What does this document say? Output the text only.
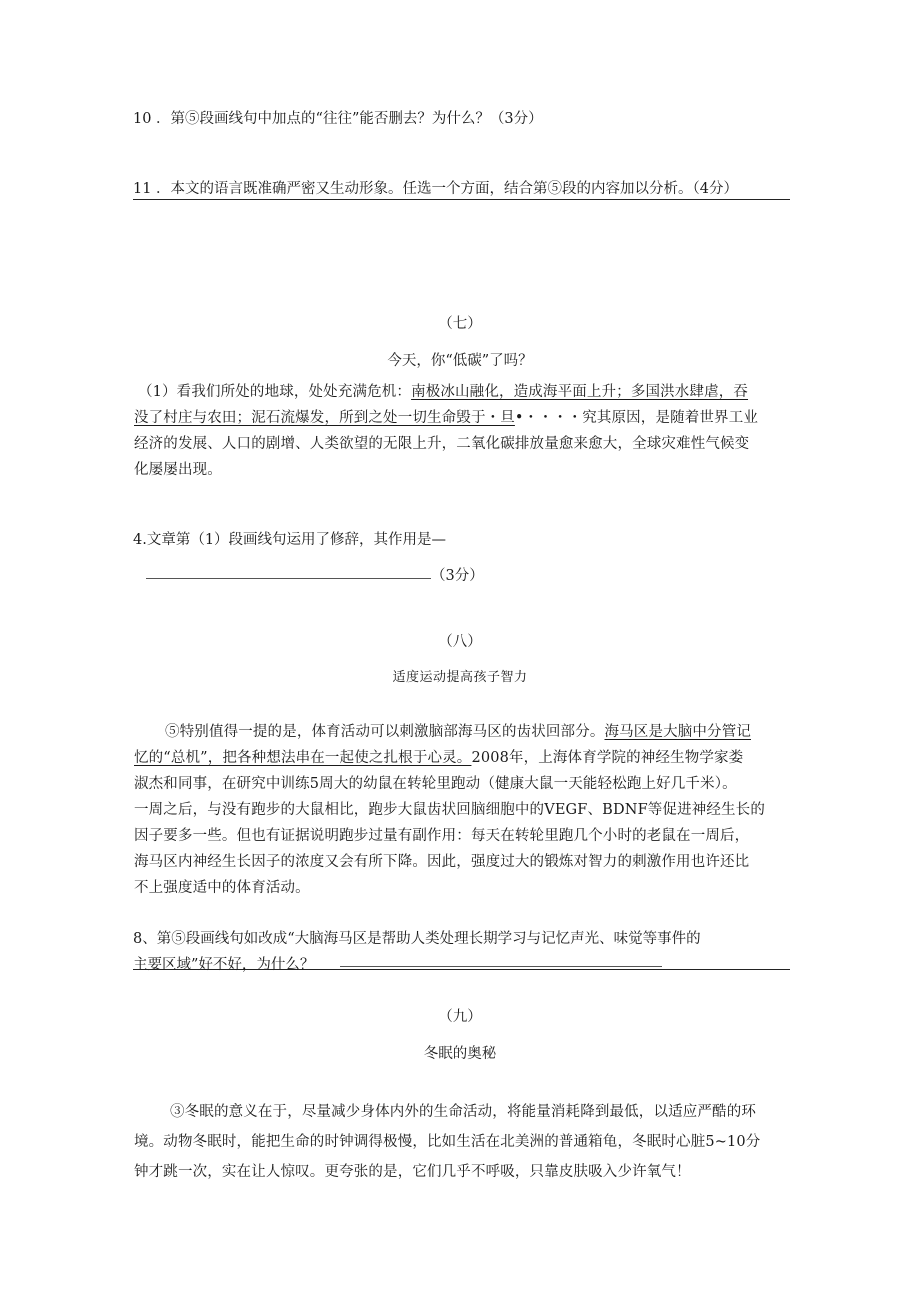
10 ．第⑤段画线句中加点的“往往”能否删去？为什么？（3分）
11 ．本文的语言既准确严密又生动形象。任选一个方面，结合第⑤段的内容加以分析。（4分）
（七）
今天，你“低碳”了吗？
（1）看我们所处的地球，处处充满危机：南极冰山融化，造成海平面上升；多国洪水肆虐，吞
没了村庄与农田；泥石流爆发，所到之处一切生命毁于・旦•・・・・究其原因，是随着世界工业
经济的发展、人口的剧增、人类欲望的无限上升，二氧化碳排放量愈来愈大，全球灾难性气候变
化屡屡出现。
4.文章第（1）段画线句运用了修辞，其作用是—
（3分）
（八）
适度运动提高孩子智力
⑤特别值得一提的是，体育活动可以刺激脑部海马区的齿状回部分。海马区是大脑中分管记
忆的“总机”，把各种想法串在一起使之扎根于心灵。2008年，上海体育学院的神经生物学家娄
淑杰和同事，在研究中训练5周大的幼鼠在转轮里跑动（健康大鼠一天能轻松跑上好几千米）。
一周之后，与没有跑步的大鼠相比，跑步大鼠齿状回脑细胞中的VEGF、BDNF等促进神经生长的
因子要多一些。但也有证据说明跑步过量有副作用：每天在转轮里跑几个小时的老鼠在一周后，
海马区内神经生长因子的浓度又会有所下降。因此，强度过大的锻炼对智力的刺激作用也许还比
不上强度适中的体育活动。
8、第⑤段画线句如改成“大脑海马区是帮助人类处理长期学习与记忆声光、味觉等事件的
主要区域”好不好，为什么？
（九）
冬眠的奥秘
③冬眠的意义在于，尽量减少身体内外的生命活动，将能量消耗降到最低，以适应严酷的环
境。动物冬眠时，能把生命的时钟调得极慢，比如生活在北美洲的普通箱龟，冬眠时心脏5~10分
钟才跳一次，实在让人惊叹。更夸张的是，它们几乎不呼吸，只靠皮肤吸入少许氧气！
